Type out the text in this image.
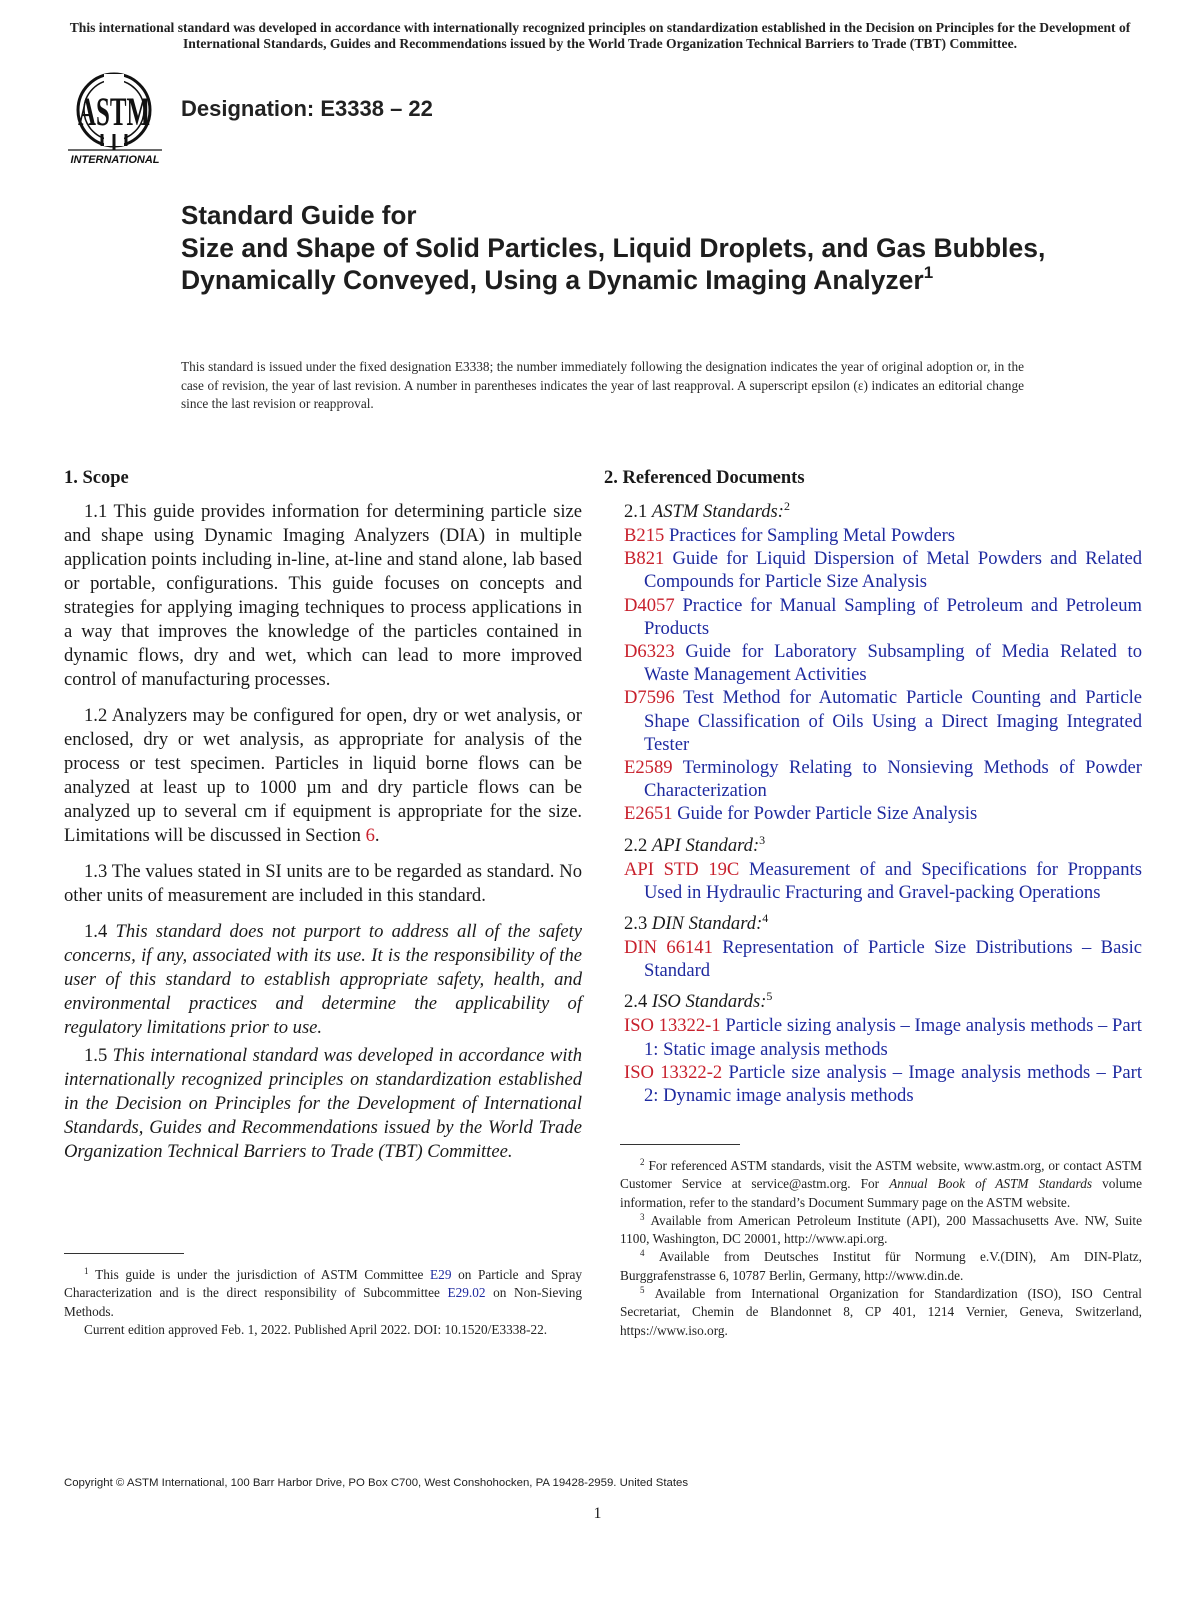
This international standard was developed in accordance with internationally recognized principles on standardization established in the Decision on Principles for the Development of International Standards, Guides and Recommendations issued by the World Trade Organization Technical Barriers to Trade (TBT) Committee.
ASTM
INTERNATIONAL
Designation: E3338 – 22
Standard Guide for
Size and Shape of Solid Particles, Liquid Droplets, and Gas Bubbles, Dynamically Conveyed, Using a Dynamic Imaging Analyzer$^1$
This standard is issued under the fixed designation E3338; the number immediately following the designation indicates the year of original adoption or, in the case of revision, the year of last revision. A number in parentheses indicates the year of last reapproval. A superscript epsilon (ε) indicates an editorial change since the last revision or reapproval.
1. Scope

1.1 This guide provides information for determining particle size and shape using Dynamic Imaging Analyzers (DIA) in multiple application points including in-line, at-line and stand alone, lab based or portable, configurations. This guide focuses on concepts and strategies for applying imaging techniques to process applications in a way that improves the knowledge of the particles contained in dynamic flows, dry and wet, which can lead to more improved control of manufacturing processes.

1.2 Analyzers may be configured for open, dry or wet analysis, or enclosed, dry or wet analysis, as appropriate for analysis of the process or test specimen. Particles in liquid borne flows can be analyzed at least up to 1000 µm and dry particle flows can be analyzed up to several cm if equipment is appropriate for the size. Limitations will be discussed in Section 6.

1.3 The values stated in SI units are to be regarded as standard. No other units of measurement are included in this standard.

1.4 This standard does not purport to address all of the safety concerns, if any, associated with its use. It is the responsibility of the user of this standard to establish appropriate safety, health, and environmental practices and determine the applicability of regulatory limitations prior to use.

1.5 This international standard was developed in accordance with internationally recognized principles on standardization established in the Decision on Principles for the Development of International Standards, Guides and Recommendations issued by the World Trade Organization Technical Barriers to Trade (TBT) Committee.

2. Referenced Documents
2.1 ASTM Standards:$^2$
B215 Practices for Sampling Metal Powders
B821 Guide for Liquid Dispersion of Metal Powders and Related Compounds for Particle Size Analysis
D4057 Practice for Manual Sampling of Petroleum and Petroleum Products
D6323 Guide for Laboratory Subsampling of Media Related to Waste Management Activities
D7596 Test Method for Automatic Particle Counting and Particle Shape Classification of Oils Using a Direct Imaging Integrated Tester
E2589 Terminology Relating to Nonsieving Methods of Powder Characterization
E2651 Guide for Powder Particle Size Analysis
2.2 API Standard:$^3$
API STD 19C Measurement of and Specifications for Proppants Used in Hydraulic Fracturing and Gravel-packing Operations
2.3 DIN Standard:$^4$
DIN 66141 Representation of Particle Size Distributions – Basic Standard
2.4 ISO Standards:$^5$
ISO 13322-1 Particle sizing analysis – Image analysis methods – Part 1: Static image analysis methods
ISO 13322-2 Particle size analysis – Image analysis methods – Part 2: Dynamic image analysis methods

$^1$ This guide is under the jurisdiction of ASTM Committee E29 on Particle and Spray Characterization and is the direct responsibility of Subcommittee E29.02 on Non-Sieving Methods.

Current edition approved Feb. 1, 2022. Published April 2022. DOI: 10.1520/E3338-22.

$^2$ For referenced ASTM standards, visit the ASTM website, www.astm.org, or contact ASTM Customer Service at service@astm.org. For Annual Book of ASTM Standards volume information, refer to the standard’s Document Summary page on the ASTM website.

$^3$ Available from American Petroleum Institute (API), 200 Massachusetts Ave. NW, Suite 1100, Washington, DC 20001, http://www.api.org.

$^4$ Available from Deutsches Institut für Normung e.V.(DIN), Am DIN-Platz, Burggrafenstrasse 6, 10787 Berlin, Germany, http://www.din.de.

$^5$ Available from International Organization for Standardization (ISO), ISO Central Secretariat, Chemin de Blandonnet 8, CP 401, 1214 Vernier, Geneva, Switzerland, https://www.iso.org.

Copyright © ASTM International, 100 Barr Harbor Drive, PO Box C700, West Conshohocken, PA 19428-2959. United States
1
